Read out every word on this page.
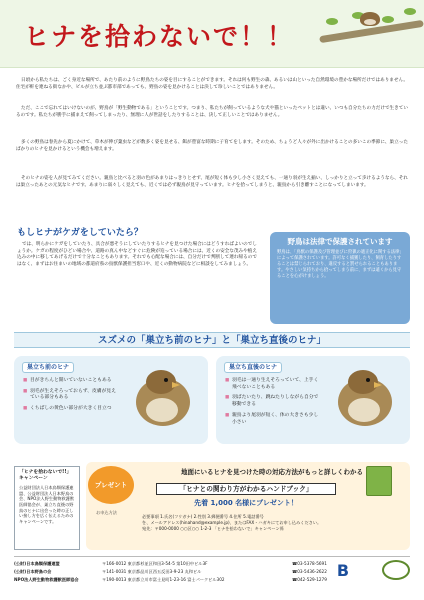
ヒナを拾わないで！！

日頃から私たちは、ごく身近な場所で、あたり前のように野鳥たちの姿を目にすることができます。それは何も野生の森、あるいは山といった自然環境の豊かな場所だけではありません。住宅が軒を連ねる街なかや、ビルが立ち並ぶ都市部であっても、野鳥の姿を見かけることは決して珍しいことではありません。

ただ、ここで忘れてはいけないのが、野鳥が「野生動物である」ということです。つまり、私たちが飼っているような犬や猫といったペットとは違い、いつも自分たちの力だけで生きているのです。私たちが勝手に捕まえて飼ってしまったり、無理に人が世話をしたりすることは、決して正しいことではありません。

多くの野鳥は春先から夏にかけて、草木が伸び葉虫などが数多く姿を見せる、餌が豊富な時期に子育てをします。そのため、ちょうど人々が外に出かけることの多いこの季節に、巣立ったばかりのヒナを見かけるという機会も増えます。

そのヒナの姿を人が見てみてください。親鳥と比べると羽の色があまりはっきりとせず、尾が短く体も少し小さく見えても、一通り羽が生え揃い、しっかりと立って歩けるようなら、それは巣立ったあとの元気なヒナです。あまりに弱々しく見えても、近くでは必ず親鳥が見守っています。ヒナを拾ってしまうと、親鳥から引き離すことになってしまいます。

もしヒナがケガをしていたら？

では、明らかにケガをしていたり、具合が悪そうにしていたりするヒナを見つけた場合にはどうすればよいのでしょうか。ケガの程度がひどい場合や、道路の真ん中などすぐに危険が迫っている場合には、近くの安全な茂みや植え込みの中に移してあげるだけで十分なこともあります。それでも心配な場合には、自分だけで判断して連れ帰るのではなく、まずはお住まいの地域の都道府県の鳥獣保護担当窓口や、近くの動物病院などに相談をしてみましょう。

野鳥は法律で保護されています

野鳥は、「鳥獣の保護及び管理並びに狩猟の適正化に関する法律」によって保護されています。許可なく捕獲したり、飼育したりすることは禁じられており、違反すると罰せられることもあります。やさしい気持ちから拾ってしまう前に、まずは遠くから見守ることを心がけましょう。

スズメの「巣立ち前のヒナ」と「巣立ち直後のヒナ」
巣立ち前のヒナ
■ 目がきちんと開いていないこともある
■ 羽毛が生えそろっておらず、皮膚が見えている部分もある
■ くちばしの黄色い部分が大きく目立つ
巣立ち直後のヒナ
■ 羽毛は一通り生えそろっていて、上手く飛べないこともある
■ 羽ばたいたり、跳ねたりしながら自分で移動できる
■ 親鳥より尾羽が短く、体の大きさも少し小さい
「ヒナを拾わないで!!」キャンペーン

公益財団法人日本鳥類保護連盟、公益財団法人日本野鳥の会、NPO法人野生動物救護獣医師協会が、巣立ち直後の野鳥のヒナに出会った時の正しい接し方を広く伝えるためのキャンペーンです。

プレゼント
地面にいるヒナを見つけた時の対応方法がもっと詳しくわかる
「ヒナとの関わり方がわかるハンドブック」
先着 1,000 名様にプレゼント！
お申込方法
必要事項 1.氏名(フリガナ) 2.性別 3.郵便番号 4.住所 5.電話番号
を、メールアドレス(hinahand@example.jp)、またはFAX・ハガキにてお申し込みください。
宛先：〒000-0000 ○○区○○ 1-2-3 「ヒナを拾わないで」キャンペーン係
(公財)日本鳥類保護連盟	〒166-0012 東京都杉並区和田3-54-5 第10田中ビル3F	☎03-5378-5691
(公財)日本野鳥の会	〒141-0031 東京都品川区西五反田3-9-23 丸和ビル	☎03-5436-2622
NPO法人野生動物救護獣医師協会	〒190-0013 東京都立川市富士見町1-23-16 富士パークビル302	☎042-529-1279 B
